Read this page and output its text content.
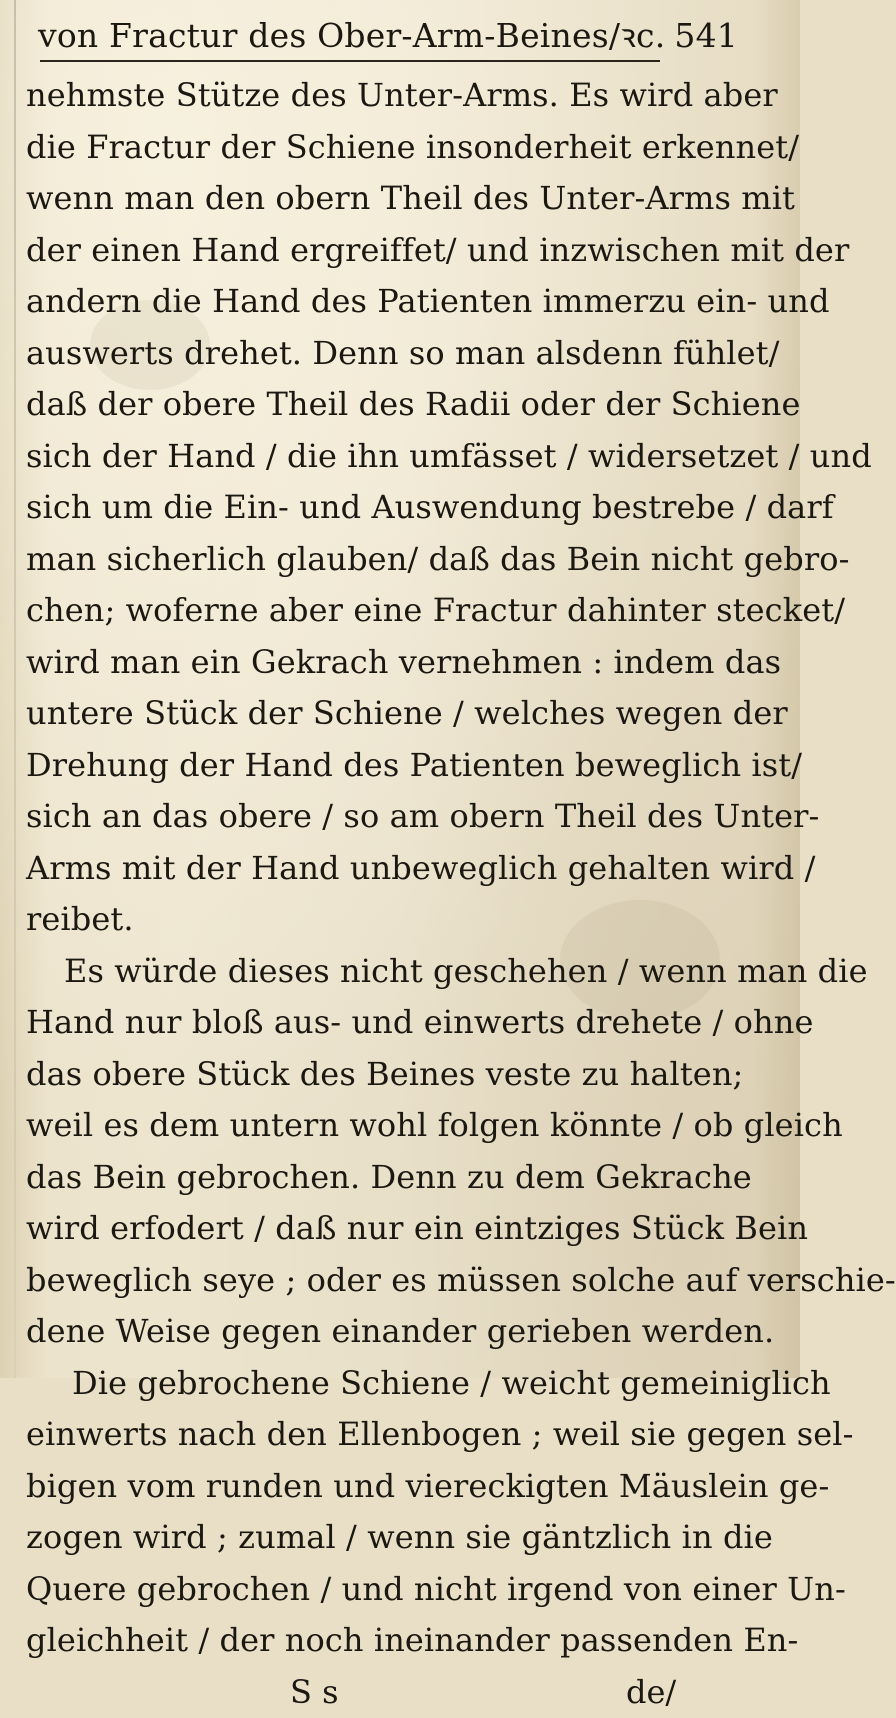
von Fractur des Ober-Arm-Beines/ꝛc. 541
nehmste Stütze des Unter-Arms. Es wird aber
die Fractur der Schiene insonderheit erkennet/
wenn man den obern Theil des Unter-Arms mit
der einen Hand ergreiffet/ und inzwischen mit der
andern die Hand des Patienten immerzu ein- und
auswerts drehet. Denn so man alsdenn fühlet/
daß der obere Theil des Radii oder der Schiene
sich der Hand / die ihn umfässet / widersetzet / und
sich um die Ein- und Auswendung bestrebe / darf
man sicherlich glauben/ daß das Bein nicht gebro-
chen; woferne aber eine Fractur dahinter stecket/
wird man ein Gekrach vernehmen : indem das
untere Stück der Schiene / welches wegen der
Drehung der Hand des Patienten beweglich ist/
sich an das obere / so am obern Theil des Unter-
Arms mit der Hand unbeweglich gehalten wird /
reibet.
Es würde dieses nicht geschehen / wenn man die
Hand nur bloß aus- und einwerts drehete / ohne
das obere Stück des Beines veste zu halten;
weil es dem untern wohl folgen könnte / ob gleich
das Bein gebrochen. Denn zu dem Gekrache
wird erfodert / daß nur ein eintziges Stück Bein
beweglich seye ; oder es müssen solche auf verschie-
dene Weise gegen einander gerieben werden.
Die gebrochene Schiene / weicht gemeiniglich
einwerts nach den Ellenbogen ; weil sie gegen sel-
bigen vom runden und viereckigten Mäuslein ge-
zogen wird ; zumal / wenn sie gäntzlich in die
Quere gebrochen / und nicht irgend von einer Un-
gleichheit / der noch ineinander passenden En-
S s	de/
